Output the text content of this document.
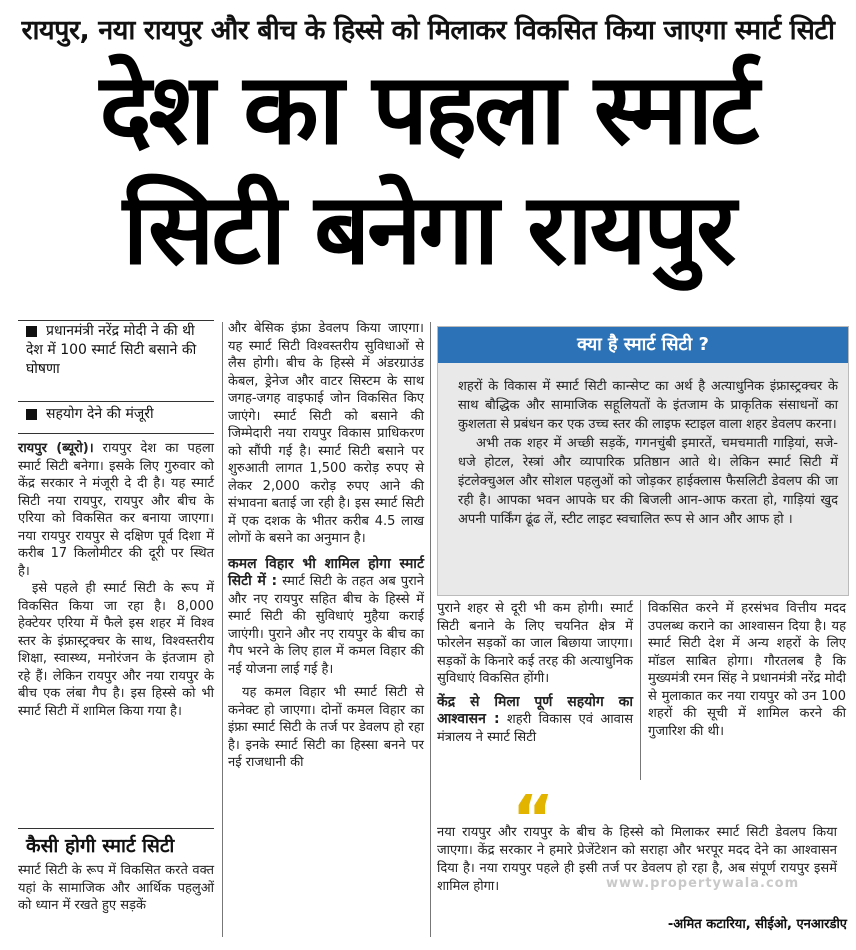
रायपुर, नया रायपुर और बीच के हिस्से को मिलाकर विकसित किया जाएगा स्मार्ट सिटी
देश का पहला स्मार्ट
सिटी बनेगा रायपुर
प्रधानमंत्री नरेंद्र मोदी ने की थी देश में 100 स्मार्ट सिटी बसाने की घोषणा
सहयोग देने की मंजूरी

रायपुर (ब्यूरो)। रायपुर देश का पहला स्मार्ट सिटी बनेगा। इसके लिए गुरुवार को केंद्र सरकार ने मंजूरी दे दी है। यह स्मार्ट सिटी नया रायपुर, रायपुर और बीच के एरिया को विकसित कर बनाया जाएगा। नया रायपुर रायपुर से दक्षिण पूर्व दिशा में करीब 17 किलोमीटर की दूरी पर स्थित है।

इसे पहले ही स्मार्ट सिटी के रूप में विकसित किया जा रहा है। 8,000 हेक्टेयर एरिया में फैले इस शहर में विश्व स्तर के इंफ्रास्ट्रक्चर के साथ, विश्वस्तरीय शिक्षा, स्वास्थ्य, मनोरंजन के इंतजाम हो रहे हैं। लेकिन रायपुर और नया रायपुर के बीच एक लंबा गैप है। इस हिस्से को भी स्मार्ट सिटी में शामिल किया गया है।

कैसी होगी स्मार्ट सिटी
स्मार्ट सिटी के रूप में विकसित करते वक्त यहां के सामाजिक और आर्थिक पहलुओं को ध्यान में रखते हुए सड़कें

और बेसिक इंफ्रा डेवलप किया जाएगा। यह स्मार्ट सिटी विश्वस्तरीय सुविधाओं से लैस होगी। बीच के हिस्से में अंडरग्राउंड केबल, ड्रेनेज और वाटर सिस्टम के साथ जगह-जगह वाइफाई जोन विकसित किए जाएंगे। स्मार्ट सिटी को बसाने की जिम्मेदारी नया रायपुर विकास प्राधिकरण को सौंपी गई है। स्मार्ट सिटी बसाने पर शुरुआती लागत 1,500 करोड़ रुपए से लेकर 2,000 करोड़ रुपए आने की संभावना बताई जा रही है। इस स्मार्ट सिटी में एक दशक के भीतर करीब 4.5 लाख लोगों के बसने का अनुमान है।

कमल विहार भी शामिल होगा स्मार्ट सिटी में : स्मार्ट सिटी के तहत अब पुराने और नए रायपुर सहित बीच के हिस्से में स्मार्ट सिटी की सुविधाएं मुहैया कराई जाएंगी। पुराने और नए रायपुर के बीच का गैप भरने के लिए हाल में कमल विहार की नई योजना लाई गई है।

यह कमल विहार भी स्मार्ट सिटी से कनेक्ट हो जाएगा। दोनों कमल विहार का इंफ्रा स्मार्ट सिटी के तर्ज पर डेवलप हो रहा है। इनके स्मार्ट सिटी का हिस्सा बनने पर नई राजधानी की

क्या है स्मार्ट सिटी ?

शहरों के विकास में स्मार्ट सिटी कान्सेप्ट का अर्थ है अत्याधुनिक इंफ्रास्ट्रक्चर के साथ बौद्धिक और सामाजिक सहूलियतों के इंतजाम के प्राकृतिक संसाधनों का कुशलता से प्रबंधन कर एक उच्च स्तर की लाइफ स्टाइल वाला शहर डेवलप करना।

अभी तक शहर में अच्छी सड़कें, गगनचुंबी इमारतें, चमचमाती गाड़ियां, सजे-धजे होटल, रेस्त्रां और व्यापारिक प्रतिष्ठान आते थे। लेकिन स्मार्ट सिटी में इंटलेक्चुअल और सोशल पहलुओं को जोड़कर हाईक्लास फैसलिटी डेवलप की जा रही है। आपका भवन आपके घर की बिजली आन-आफ करता हो, गाड़ियां खुद अपनी पार्किंग ढूंढ लें, स्टीट लाइट स्वचालित रूप से आन और आफ हो ।

पुराने शहर से दूरी भी कम होगी। स्मार्ट सिटी बनाने के लिए चयनित क्षेत्र में फोरलेन सड़कों का जाल बिछाया जाएगा। सड़कों के किनारे कई तरह की अत्याधुनिक सुविधाएं विकसित होंगी।

केंद्र से मिला पूर्ण सहयोग का आश्वासन : शहरी विकास एवं आवास मंत्रालय ने स्मार्ट सिटी

विकसित करने में हरसंभव वित्तीय मदद उपलब्ध कराने का आश्वासन दिया है। यह स्मार्ट सिटी देश में अन्य शहरों के लिए मॉडल साबित होगा। गौरतलब है कि मुख्यमंत्री रमन सिंह ने प्रधानमंत्री नरेंद्र मोदी से मुलाकात कर नया रायपुर को उन 100 शहरों की सूची में शामिल करने की गुजारिश की थी।

“
नया रायपुर और रायपुर के बीच के हिस्से को मिलाकर स्मार्ट सिटी डेवलप किया जाएगा। केंद्र सरकार ने हमारे प्रेजेंटेशन को सराहा और भरपूर मदद देने का आश्वासन दिया है। नया रायपुर पहले ही इसी तर्ज पर डेवलप हो रहा है, अब संपूर्ण रायपुर इसमें शामिल होगा।	www.propertywala.com
-अमित कटारिया, सीईओ, एनआरडीए
